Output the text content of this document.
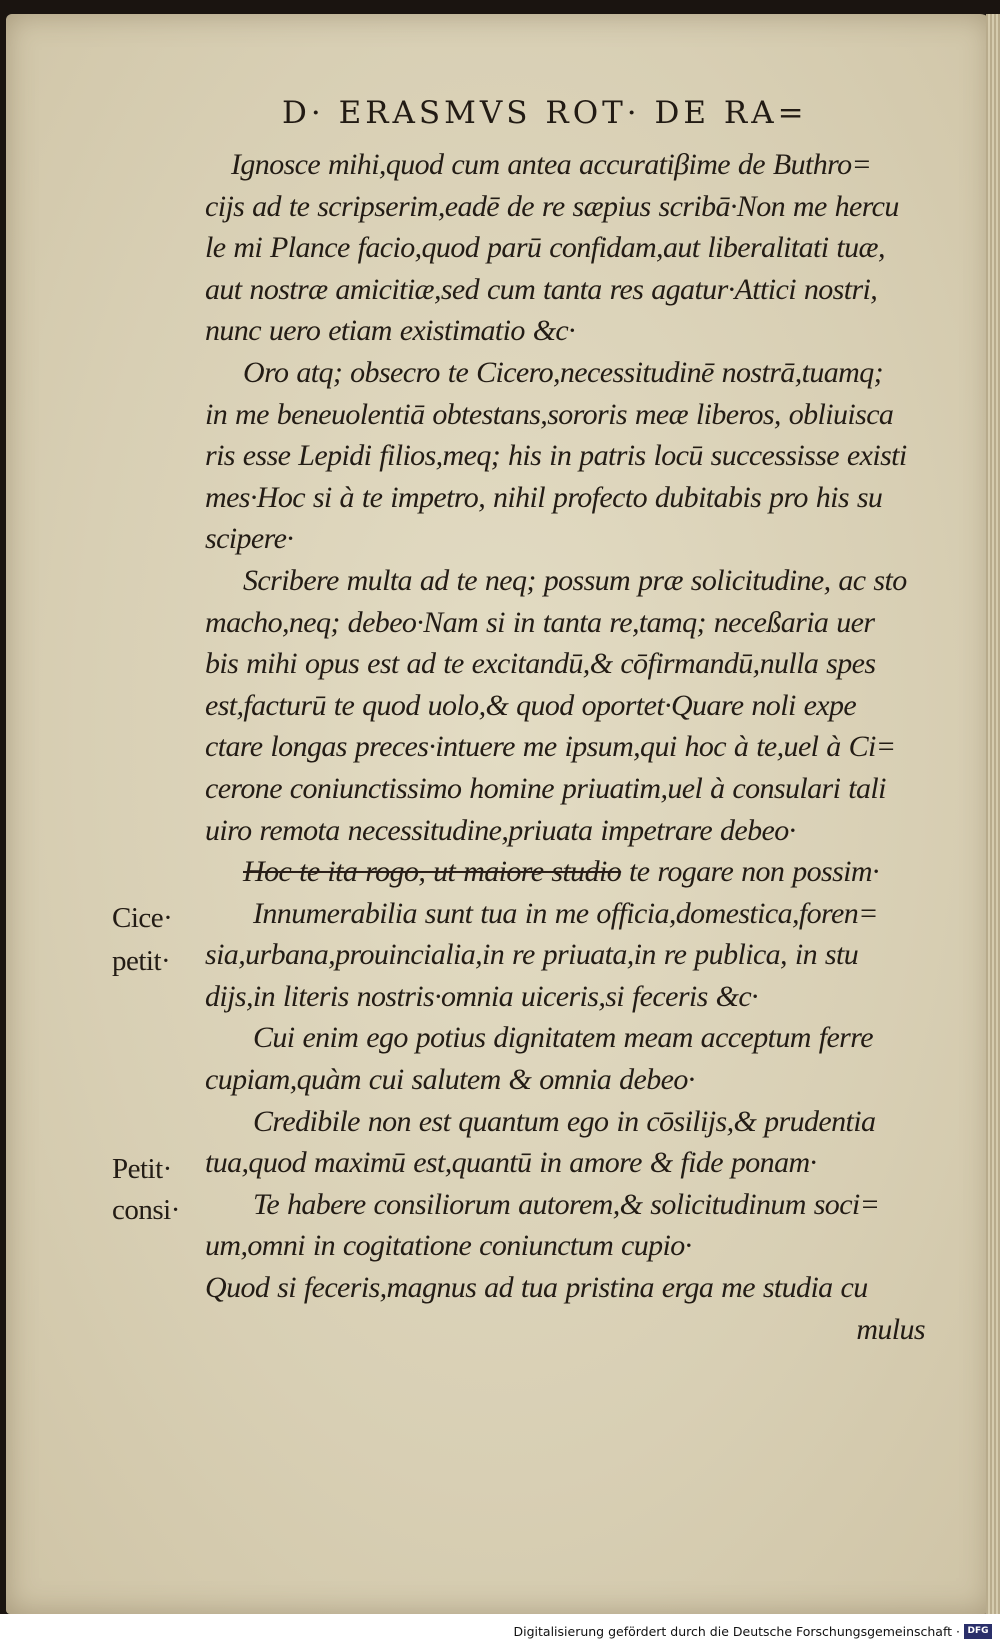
D· ERASMVS ROT· DE RA=
Ignosce mihi,quod cum antea accuratiβime de Buthro=
cijs ad te scripserim,eadē de re sæpius scribā·Non me hercu
le mi Plance facio,quod parū confidam,aut liberalitati tuæ,
aut nostræ amicitiæ,sed cum tanta res agatur·Attici nostri,
nunc uero etiam existimatio &c·
Oro atq; obsecro te Cicero,necessitudinē nostrā,tuamq;
in me beneuolentiā obtestans,sororis meæ liberos, obliuisca
ris esse Lepidi filios,meq; his in patris locū successisse existi
mes·Hoc si à te impetro, nihil profecto dubitabis pro his su
scipere·
Scribere multa ad te neq; possum præ solicitudine, ac sto
macho,neq; debeo·Nam si in tanta re,tamq; neceßaria uer
bis mihi opus est ad te excitandū,& cōfirmandū,nulla spes
est,facturū te quod uolo,& quod oportet·Quare noli expe
ctare longas preces·intuere me ipsum,qui hoc à te,uel à Ci=
cerone coniunctissimo homine priuatim,uel à consulari tali
uiro remota necessitudine,priuata impetrare debeo·
Hoc te ita rogo, ut maiore studio te rogare non possim·
Innumerabilia sunt tua in me officia,domestica,foren=
sia,urbana,prouincialia,in re priuata,in re publica, in stu
dijs,in literis nostris·omnia uiceris,si feceris &c·
Cui enim ego potius dignitatem meam acceptum ferre
cupiam,quàm cui salutem & omnia debeo·
Credibile non est quantum ego in cōsilijs,& prudentia
tua,quod maximū est,quantū in amore & fide ponam·
Te habere consiliorum autorem,& solicitudinum soci=
um,omni in cogitatione coniunctum cupio·
Quod si feceris,magnus ad tua pristina erga me studia cu
mulus
Cice·
petit·
Petit·
consi·
Digitalisierung gefördert durch die Deutsche Forschungsgemeinschaft · DFG
